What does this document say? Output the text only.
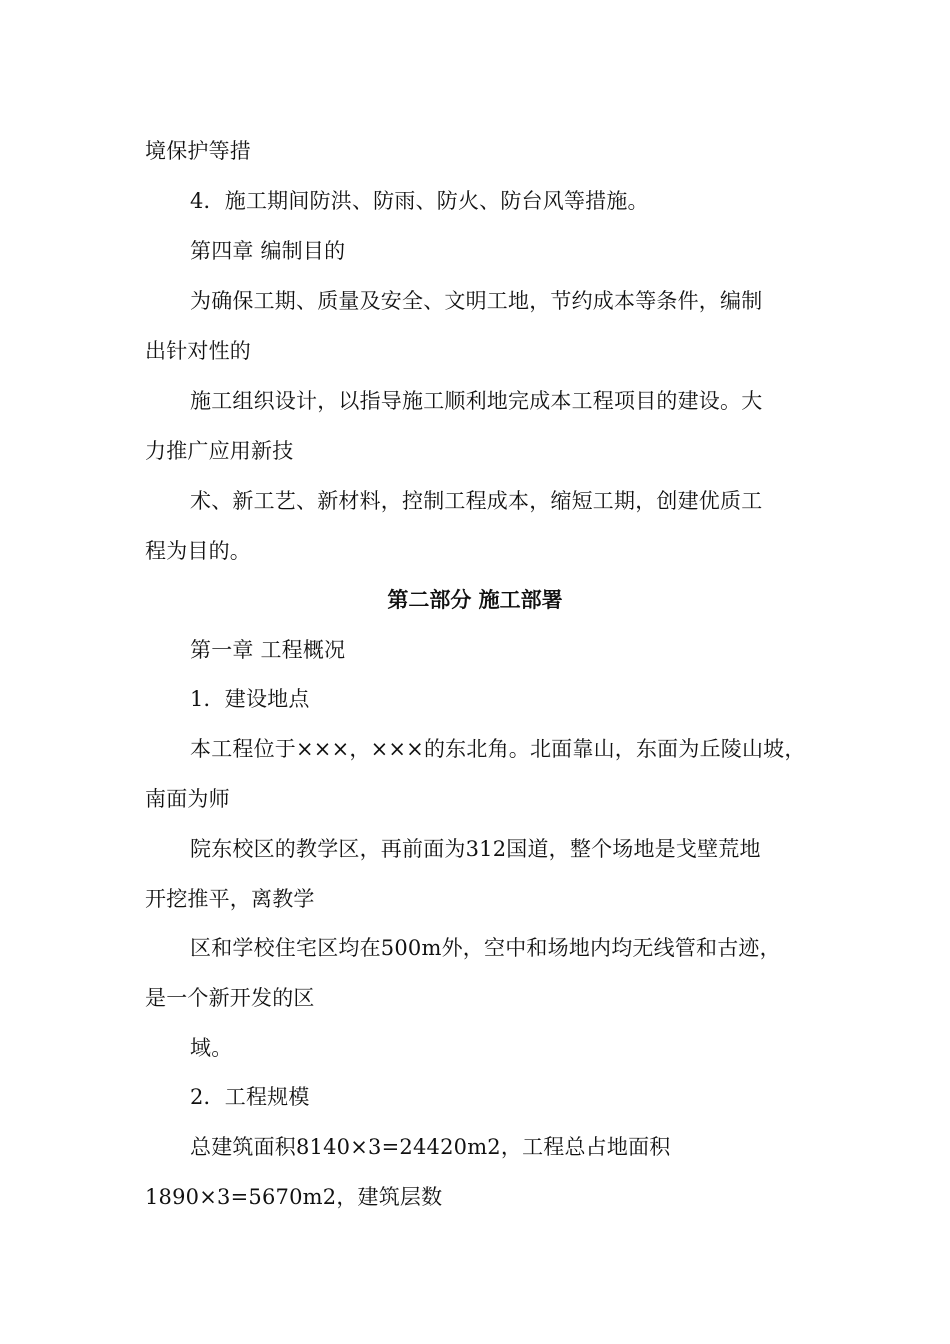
境保护等措
4．施工期间防洪、防雨、防火、防台风等措施。
第四章 编制目的
为确保工期、质量及安全、文明工地，节约成本等条件，编制
出针对性的
施工组织设计，以指导施工顺利地完成本工程项目的建设。大
力推广应用新技
术、新工艺、新材料，控制工程成本，缩短工期，创建优质工
程为目的。
第二部分 施工部署
第一章 工程概况
1．建设地点
本工程位于×××，×××的东北角。北面靠山，东面为丘陵山坡，
南面为师
院东校区的教学区，再前面为312国道，整个场地是戈壁荒地
开挖推平，离教学
区和学校住宅区均在500m外，空中和场地内均无线管和古迹，
是一个新开发的区
域。
2．工程规模
总建筑面积8140×3=24420m2，工程总占地面积
1890×3=5670m2，建筑层数
